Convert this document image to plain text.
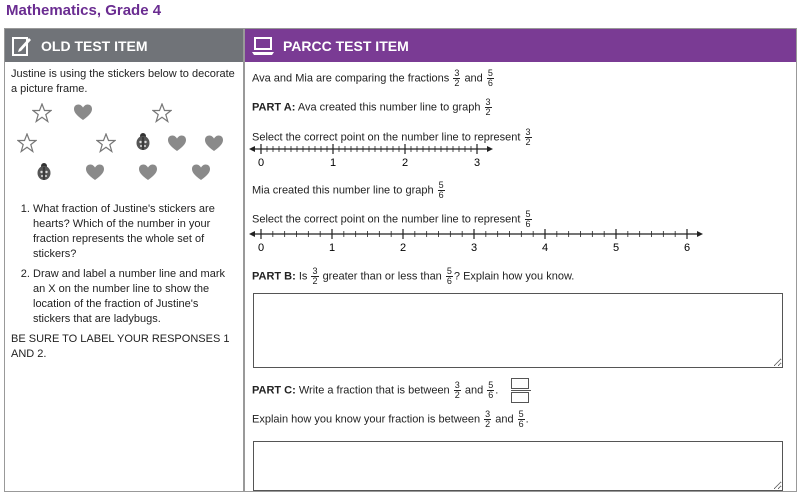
Mathematics, Grade 4
OLD TEST ITEM
Justine is using the stickers below to decorate a picture frame.
1. What fraction of Justine's stickers are hearts? Which of the number in your fraction represents the whole set of stickers?
2. Draw and label a number line and mark an X on the number line to show the location of the fraction of Justine's stickers that are ladybugs.
BE SURE TO LABEL YOUR RESPONSES 1 AND 2.
PARCC TEST ITEM
Ava and Mia are comparing the fractions $\frac{3}{2}$ and $\frac{5}{6}$
PART A: Ava created this number line to graph $\frac{3}{2}$
Select the correct point on the number line to represent $\frac{3}{2}$
0	1	2	3
Mia created this number line to graph $\frac{5}{6}$
Select the correct point on the number line to represent $\frac{5}{6}$
0	1	2	3	4	5	6
PART B: Is $\frac{3}{2}$ greater than or less than $\frac{5}{6}$ ? Explain how you know.
PART C: Write a fraction that is between $\frac{3}{2}$ and $\frac{5}{6}$ .
Explain how you know your fraction is between $\frac{3}{2}$ and $\frac{5}{6}$ .
